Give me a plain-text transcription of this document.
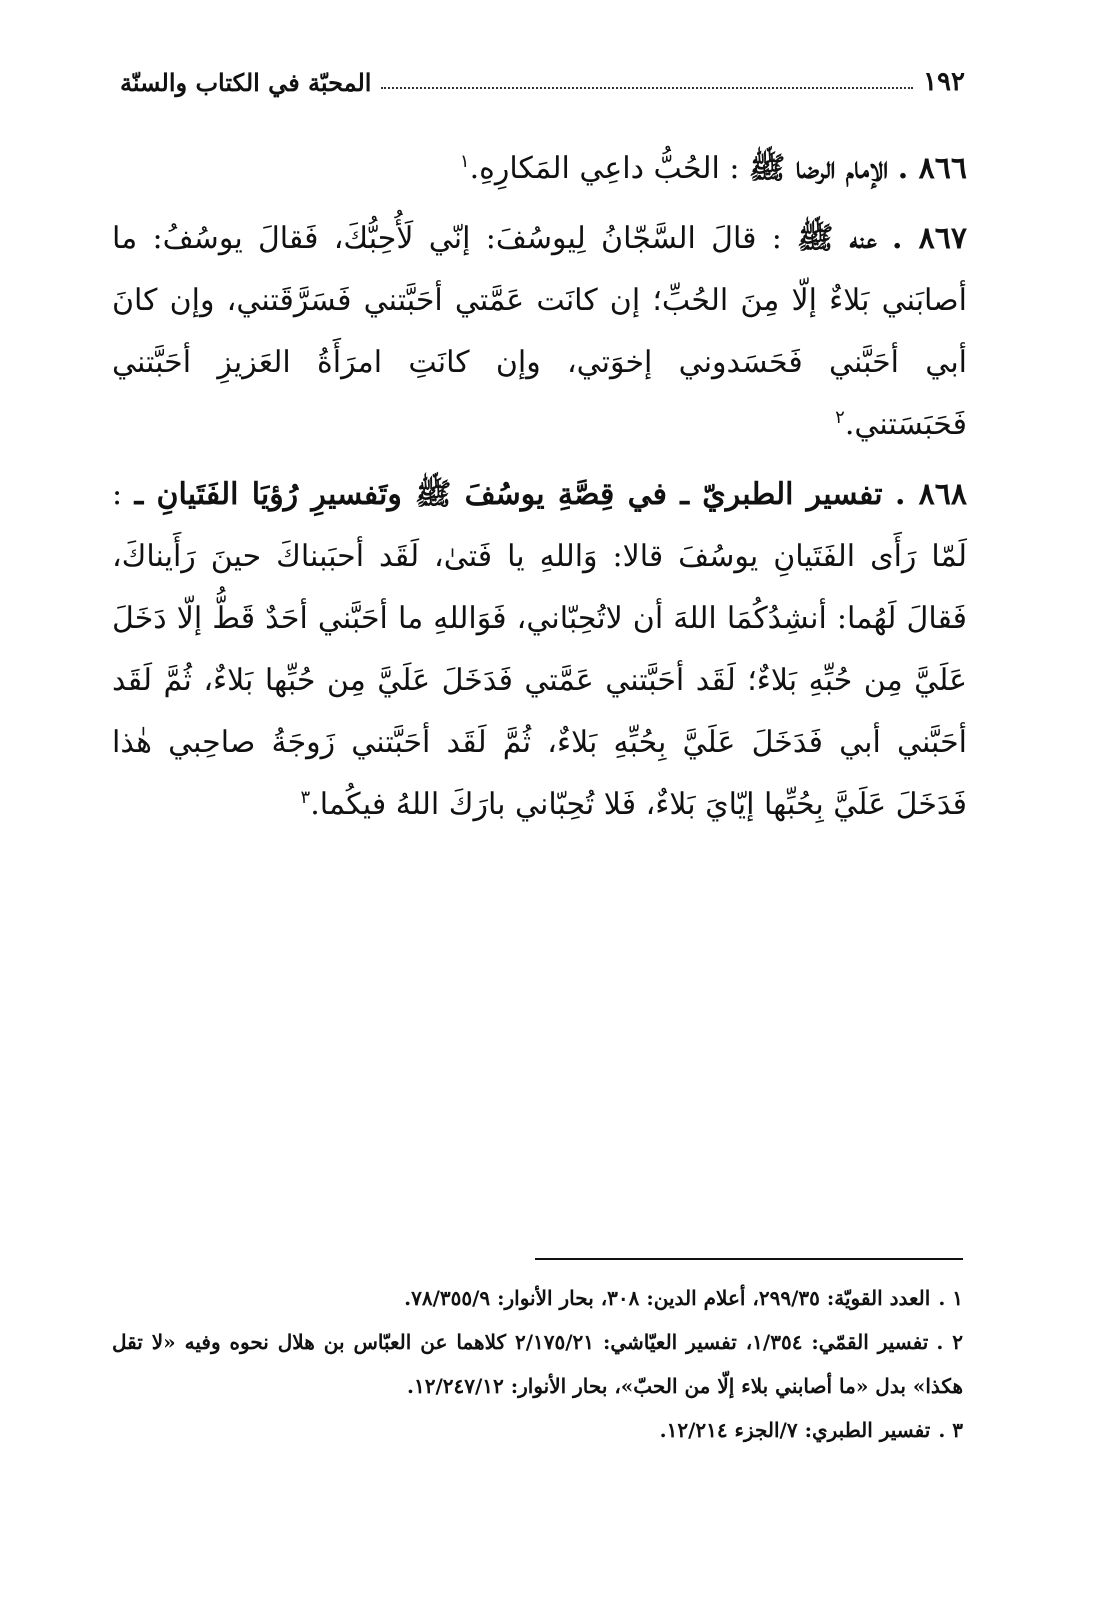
١٩٢
المحبّة في الكتاب والسنّة

٨٦٦ . الإمام الرضا ﷺ : الحُبُّ داعِي المَكارِهِ.$^١$

٨٦٧ . عنه ﷺ : قالَ السَّجّانُ لِيوسُفَ: إنّي لَأُحِبُّكَ، فَقالَ يوسُفُ: ما أصابَني بَلاءٌ إلّا مِنَ الحُبِّ؛ إن كانَت عَمَّتي أحَبَّتني فَسَرَّقَتني، وإن كانَ أبي أحَبَّني فَحَسَدوني إخوَتي، وإن كانَتِ امرَأَةُ العَزيزِ أحَبَّتني فَحَبَسَتني.$^٢$

٨٦٨ . تفسير الطبريّ ـ في قِصَّةِ يوسُفَ ﷺ وتَفسيرِ رُؤيَا الفَتَيانِ ـ : لَمّا رَأَى الفَتَيانِ يوسُفَ قالا: وَاللهِ يا فَتىٰ، لَقَد أحبَبناكَ حينَ رَأَيناكَ، فَقالَ لَهُما: أنشِدُكُمَا اللهَ أن لاتُحِبّاني، فَوَاللهِ ما أحَبَّني أحَدٌ قَطُّ إلّا دَخَلَ عَلَيَّ مِن حُبِّهِ بَلاءٌ؛ لَقَد أحَبَّتني عَمَّتي فَدَخَلَ عَلَيَّ مِن حُبِّها بَلاءٌ، ثُمَّ لَقَد أحَبَّني أبي فَدَخَلَ عَلَيَّ بِحُبِّهِ بَلاءٌ، ثُمَّ لَقَد أحَبَّتني زَوجَةُ صاحِبي هٰذا فَدَخَلَ عَلَيَّ بِحُبِّها إيّايَ بَلاءٌ، فَلا تُحِبّاني بارَكَ اللهُ فيكُما.$^٣$

١ .العدد القويّة: ٢٩٩/٣٥، أعلام الدين: ٣٠٨، بحار الأنوار: ٧٨/٣٥٥/٩.

٢ .تفسير القمّي: ١/٣٥٤، تفسير العيّاشي: ٢/١٧٥/٢١ كلاهما عن العبّاس بن هلال نحوه وفيه «لا تقل هكذا» بدل «ما أصابني بلاء إلّا من الحبّ»، بحار الأنوار: ١٢/٢٤٧/١٢.

٣ .تفسير الطبري: ٧/الجزء ١٢/٢١٤.
